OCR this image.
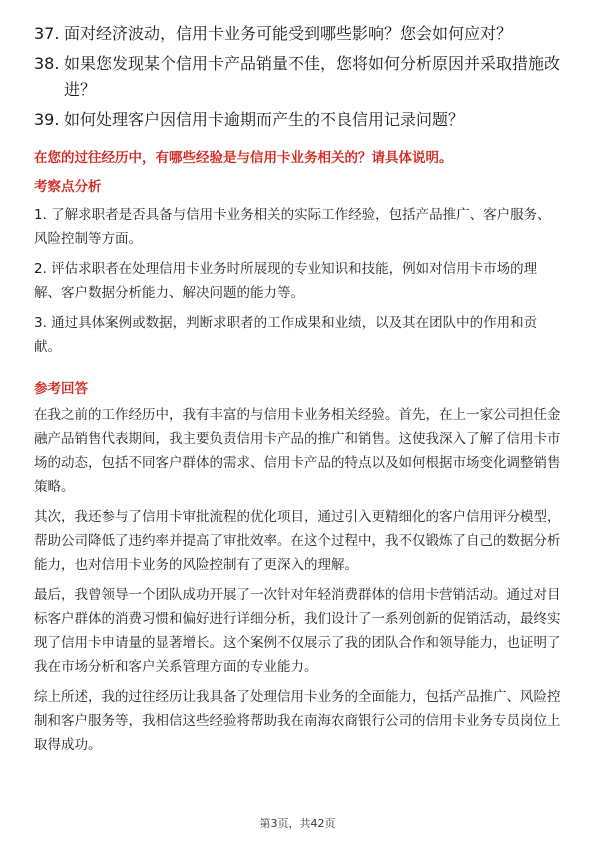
37. 面对经济波动，信用卡业务可能受到哪些影响？您会如何应对？
38. 如果您发现某个信用卡产品销量不佳，您将如何分析原因并采取措施改进？
39. 如何处理客户因信用卡逾期而产生的不良信用记录问题？

在您的过往经历中，有哪些经验是与信用卡业务相关的？请具体说明。

考察点分析

1. 了解求职者是否具备与信用卡业务相关的实际工作经验，包括产品推广、客户服务、风险控制等方面。

2. 评估求职者在处理信用卡业务时所展现的专业知识和技能，例如对信用卡市场的理解、客户数据分析能力、解决问题的能力等。

3. 通过具体案例或数据，判断求职者的工作成果和业绩，以及其在团队中的作用和贡献。

参考回答

在我之前的工作经历中，我有丰富的与信用卡业务相关经验。首先，在上一家公司担任金融产品销售代表期间，我主要负责信用卡产品的推广和销售。这使我深入了解了信用卡市场的动态，包括不同客户群体的需求、信用卡产品的特点以及如何根据市场变化调整销售策略。

其次，我还参与了信用卡审批流程的优化项目，通过引入更精细化的客户信用评分模型，帮助公司降低了违约率并提高了审批效率。在这个过程中，我不仅锻炼了自己的数据分析能力，也对信用卡业务的风险控制有了更深入的理解。

最后，我曾领导一个团队成功开展了一次针对年轻消费群体的信用卡营销活动。通过对目标客户群体的消费习惯和偏好进行详细分析，我们设计了一系列创新的促销活动，最终实现了信用卡申请量的显著增长。这个案例不仅展示了我的团队合作和领导能力，也证明了我在市场分析和客户关系管理方面的专业能力。

综上所述，我的过往经历让我具备了处理信用卡业务的全面能力，包括产品推广、风险控制和客户服务等，我相信这些经验将帮助我在南海农商银行公司的信用卡业务专员岗位上取得成功。

第3页，共42页
